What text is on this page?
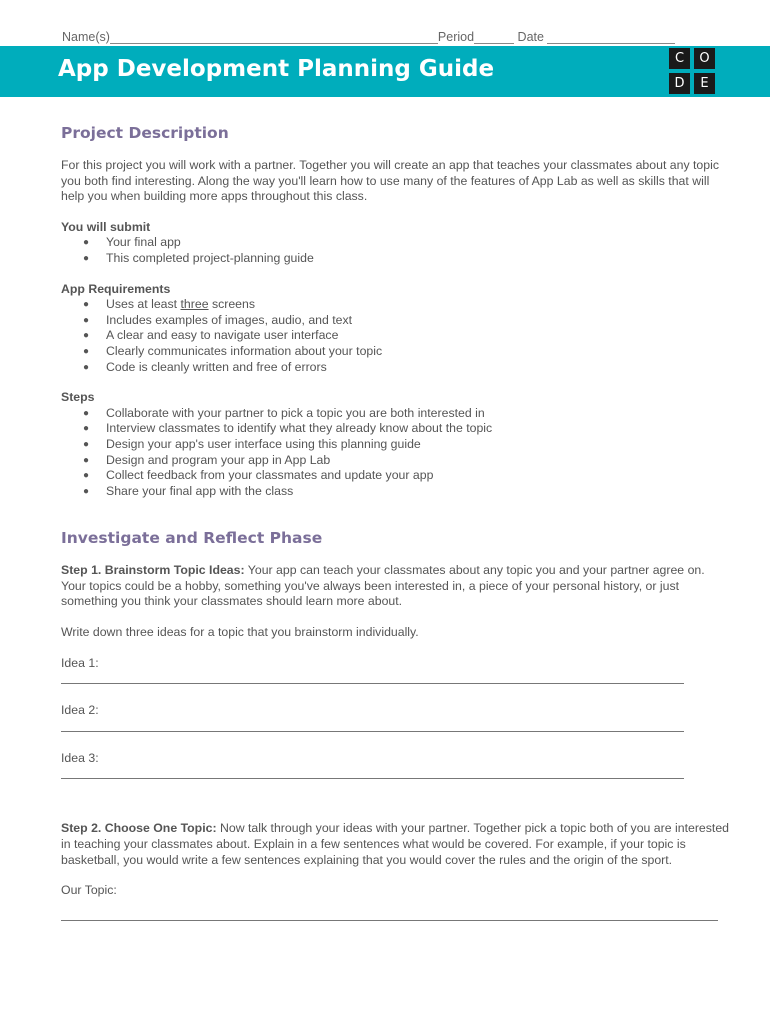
Name(s)	Period	Date
App Development Planning Guide	C	O
D	E
Project Description

For this project you will work with a partner. Together you will create an app that teaches your classmates about any topic you both find interesting. Along the way you'll learn how to use many of the features of App Lab as well as skills that will help you when building more apps throughout this class.

You will submit

● Your final app
● This completed project-planning guide

App Requirements

● Uses at least three screens
● Includes examples of images, audio, and text
● A clear and easy to navigate user interface
● Clearly communicates information about your topic
● Code is cleanly written and free of errors

Steps

● Collaborate with your partner to pick a topic you are both interested in
● Interview classmates to identify what they already know about the topic
● Design your app's user interface using this planning guide
● Design and program your app in App Lab
● Collect feedback from your classmates and update your app
● Share your final app with the class
Investigate and Reflect Phase

Step 1. Brainstorm Topic Ideas: Your app can teach your classmates about any topic you and your partner agree on. Your topics could be a hobby, something you've always been interested in, a piece of your personal history, or just something you think your classmates should learn more about.

Write down three ideas for a topic that you brainstorm individually.

Idea 1:

Idea 2:

Idea 3:

Step 2. Choose One Topic: Now talk through your ideas with your partner. Together pick a topic both of you are interested in teaching your classmates about. Explain in a few sentences what would be covered. For example, if your topic is basketball, you would write a few sentences explaining that you would cover the rules and the origin of the sport.

Our Topic:
